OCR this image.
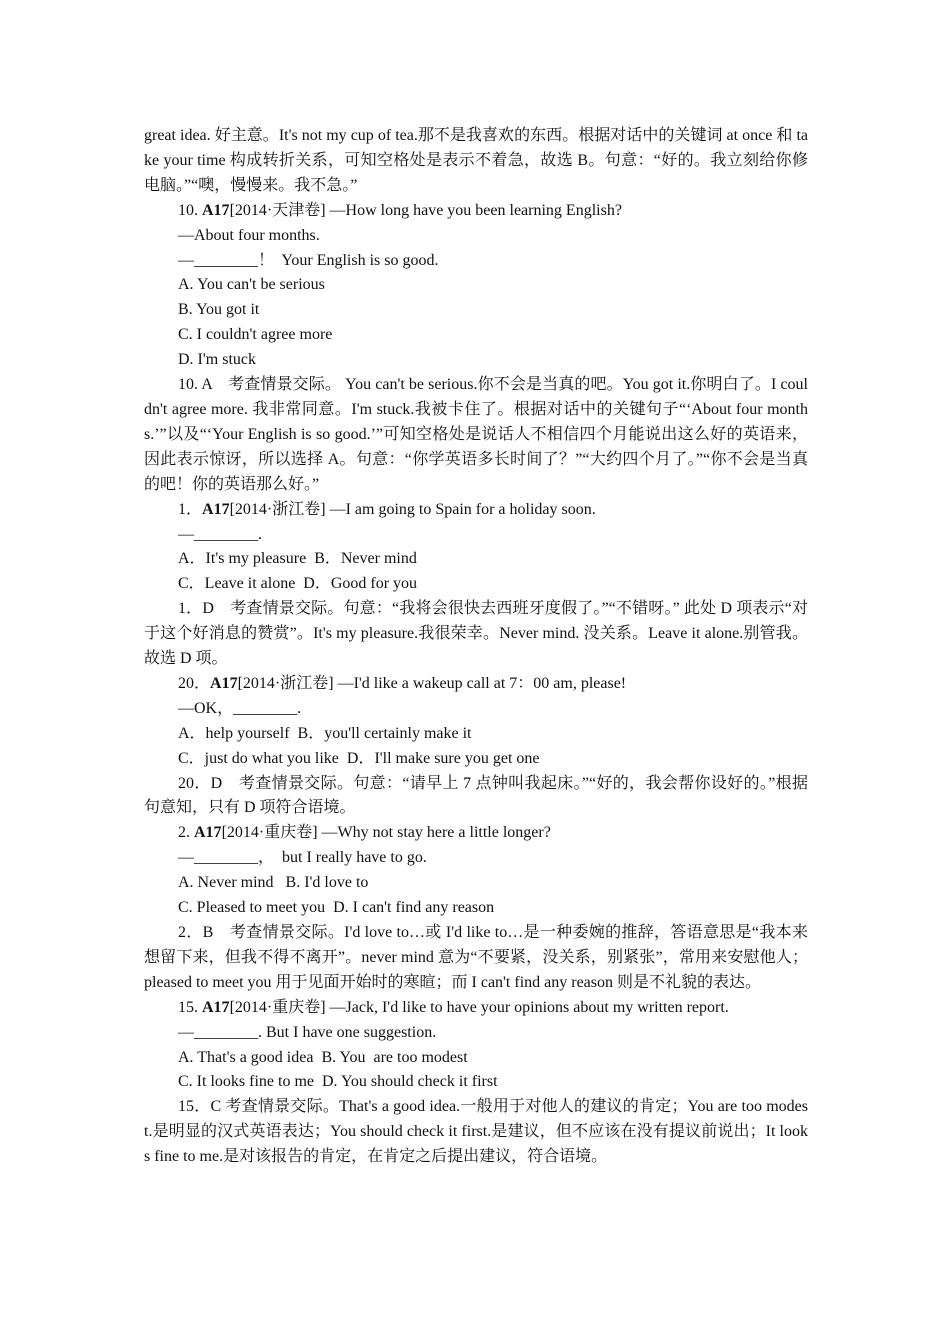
great idea. 好主意。It's not my cup of tea.那不是我喜欢的东西。根据对话中的关键词 at once 和 take your time 构成转折关系，可知空格处是表示不着急，故选 B。句意：“好的。我立刻给你修电脑。”“噢，慢慢来。我不急。”

10. A17[2014·天津卷] —How long have you been learning English?

—About four months.

—________！  Your English is so good.

A. You can't be serious

B. You got it

C. I couldn't agree more

D. I'm stuck

10. A　考查情景交际。 You can't be serious.你不会是当真的吧。You got it.你明白了。I couldn't agree more. 我非常同意。I'm stuck.我被卡住了。根据对话中的关键句子“‘About four months.’”以及“‘Your English is so good.’”可知空格处是说话人不相信四个月能说出这么好的英语来，因此表示惊讶，所以选择 A。句意：“你学英语多长时间了？”“大约四个月了。”“你不会是当真的吧！你的英语那么好。”

1．A17[2014·浙江卷] —I am going to Spain for a holiday soon.

—________.

A．It's my pleasure  B．Never mind

C．Leave it alone  D．Good for you

1．D　考查情景交际。句意：“我将会很快去西班牙度假了。”“不错呀。” 此处 D 项表示“对于这个好消息的赞赏”。It's my pleasure.我很荣幸。Never mind. 没关系。Leave it alone.别管我。故选 D 项。

20．A17[2014·浙江卷] —I'd like a wakeup call at 7：00 am, please!

—OK，________.

A．help yourself  B．you'll certainly make it

C．just do what you like  D．I'll make sure you get one

20．D　考查情景交际。句意：“请早上 7 点钟叫我起床。”“好的，我会帮你设好的。”根据句意知，只有 D 项符合语境。

2. A17[2014·重庆卷] —Why not stay here a little longer?

—________，  but I really have to go.

A. Never mind   B. I'd love to

C. Pleased to meet you  D. I can't find any reason

2．B　考查情景交际。I'd love to…或 I'd like to…是一种委婉的推辞，答语意思是“我本来想留下来，但我不得不离开”。never mind 意为“不要紧，没关系，别紧张”，常用来安慰他人；pleased to meet you 用于见面开始时的寒暄；而 I can't find any reason 则是不礼貌的表达。

15. A17[2014·重庆卷] —Jack, I'd like to have your opinions about my written report.

—________. But I have one suggestion.

A. That's a good idea  B. You  are too modest

C. It looks fine to me  D. You should check it first

15．C 考查情景交际。That's a good idea.一般用于对他人的建议的肯定；You are too modest.是明显的汉式英语表达；You should check it first.是建议，但不应该在没有提议前说出；It looks fine to me.是对该报告的肯定，在肯定之后提出建议，符合语境。
